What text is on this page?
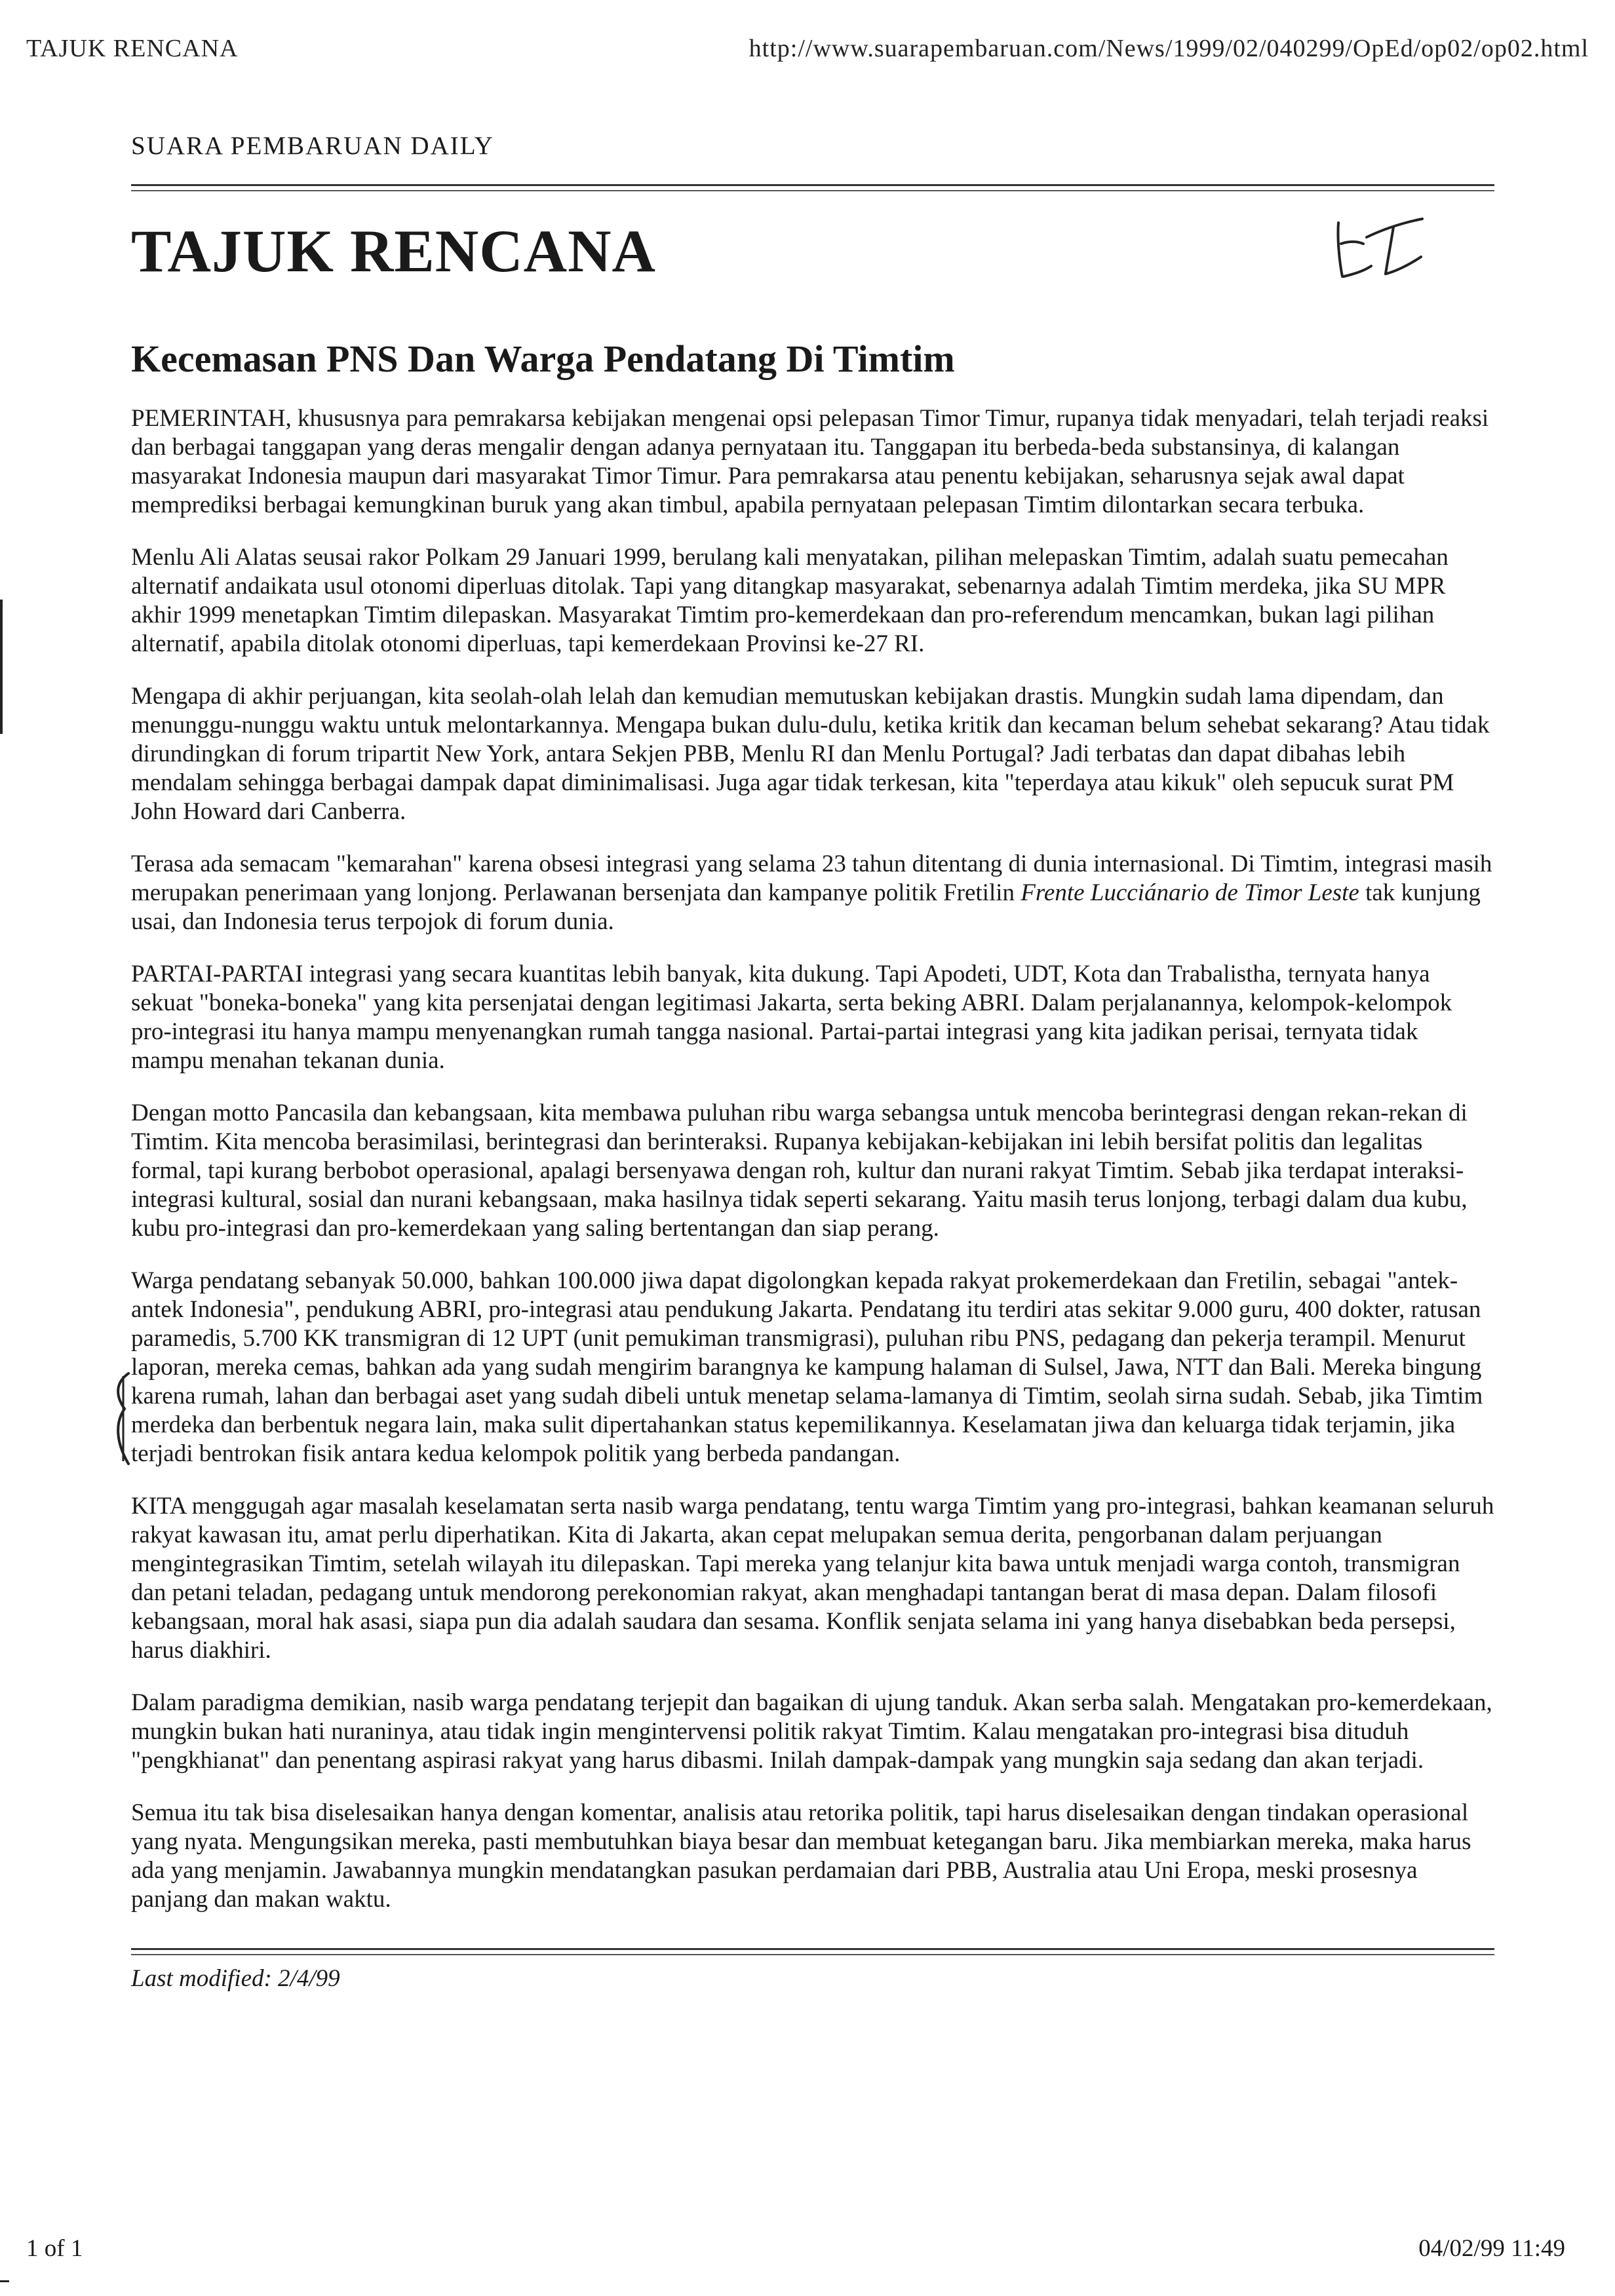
TAJUK RENCANA	http://www.suarapembaruan.com/News/1999/02/040299/OpEd/op02/op02.html
SUARA PEMBARUAN DAILY
TAJUK RENCANA
Kecemasan PNS Dan Warga Pendatang Di Timtim

PEMERINTAH, khususnya para pemrakarsa kebijakan mengenai opsi pelepasan Timor Timur, rupanya tidak menyadari, telah terjadi reaksi dan berbagai tanggapan yang deras mengalir dengan adanya pernyataan itu. Tanggapan itu berbeda-beda substansinya, di kalangan masyarakat Indonesia maupun dari masyarakat Timor Timur. Para pemrakarsa atau penentu kebijakan, seharusnya sejak awal dapat memprediksi berbagai kemungkinan buruk yang akan timbul, apabila pernyataan pelepasan Timtim dilontarkan secara terbuka.

Menlu Ali Alatas seusai rakor Polkam 29 Januari 1999, berulang kali menyatakan, pilihan melepaskan Timtim, adalah suatu pemecahan alternatif andaikata usul otonomi diperluas ditolak. Tapi yang ditangkap masyarakat, sebenarnya adalah Timtim merdeka, jika SU MPR akhir 1999 menetapkan Timtim dilepaskan. Masyarakat Timtim pro-kemerdekaan dan pro-referendum mencamkan, bukan lagi pilihan alternatif, apabila ditolak otonomi diperluas, tapi kemerdekaan Provinsi ke-27 RI.

Mengapa di akhir perjuangan, kita seolah-olah lelah dan kemudian memutuskan kebijakan drastis. Mungkin sudah lama dipendam, dan menunggu-nunggu waktu untuk melontarkannya. Mengapa bukan dulu-dulu, ketika kritik dan kecaman belum sehebat sekarang? Atau tidak dirundingkan di forum tripartit New York, antara Sekjen PBB, Menlu RI dan Menlu Portugal? Jadi terbatas dan dapat dibahas lebih mendalam sehingga berbagai dampak dapat diminimalisasi. Juga agar tidak terkesan, kita "teperdaya atau kikuk" oleh sepucuk surat PM John Howard dari Canberra.

Terasa ada semacam "kemarahan" karena obsesi integrasi yang selama 23 tahun ditentang di dunia internasional. Di Timtim, integrasi masih merupakan penerimaan yang lonjong. Perlawanan bersenjata dan kampanye politik Fretilin Frente Lucciánario de Timor Leste tak kunjung usai, dan Indonesia terus terpojok di forum dunia.

PARTAI-PARTAI integrasi yang secara kuantitas lebih banyak, kita dukung. Tapi Apodeti, UDT, Kota dan Trabalistha, ternyata hanya sekuat "boneka-boneka" yang kita persenjatai dengan legitimasi Jakarta, serta beking ABRI. Dalam perjalanannya, kelompok-kelompok pro-integrasi itu hanya mampu menyenangkan rumah tangga nasional. Partai-partai integrasi yang kita jadikan perisai, ternyata tidak mampu menahan tekanan dunia.

Dengan motto Pancasila dan kebangsaan, kita membawa puluhan ribu warga sebangsa untuk mencoba berintegrasi dengan rekan-rekan di Timtim. Kita mencoba berasimilasi, berintegrasi dan berinteraksi. Rupanya kebijakan-kebijakan ini lebih bersifat politis dan legalitas formal, tapi kurang berbobot operasional, apalagi bersenyawa dengan roh, kultur dan nurani rakyat Timtim. Sebab jika terdapat interaksi-integrasi kultural, sosial dan nurani kebangsaan, maka hasilnya tidak seperti sekarang. Yaitu masih terus lonjong, terbagi dalam dua kubu, kubu pro-integrasi dan pro-kemerdekaan yang saling bertentangan dan siap perang.

Warga pendatang sebanyak 50.000, bahkan 100.000 jiwa dapat digolongkan kepada rakyat prokemerdekaan dan Fretilin, sebagai "antek-antek Indonesia", pendukung ABRI, pro-integrasi atau pendukung Jakarta. Pendatang itu terdiri atas sekitar 9.000 guru, 400 dokter, ratusan paramedis, 5.700 KK transmigran di 12 UPT (unit pemukiman transmigrasi), puluhan ribu PNS, pedagang dan pekerja terampil. Menurut laporan, mereka cemas, bahkan ada yang sudah mengirim barangnya ke kampung halaman di Sulsel, Jawa, NTT dan Bali. Mereka bingung karena rumah, lahan dan berbagai aset yang sudah dibeli untuk menetap selama-lamanya di Timtim, seolah sirna sudah. Sebab, jika Timtim merdeka dan berbentuk negara lain, maka sulit dipertahankan status kepemilikannya. Keselamatan jiwa dan keluarga tidak terjamin, jika terjadi bentrokan fisik antara kedua kelompok politik yang berbeda pandangan.

KITA menggugah agar masalah keselamatan serta nasib warga pendatang, tentu warga Timtim yang pro-integrasi, bahkan keamanan seluruh rakyat kawasan itu, amat perlu diperhatikan. Kita di Jakarta, akan cepat melupakan semua derita, pengorbanan dalam perjuangan mengintegrasikan Timtim, setelah wilayah itu dilepaskan. Tapi mereka yang telanjur kita bawa untuk menjadi warga contoh, transmigran dan petani teladan, pedagang untuk mendorong perekonomian rakyat, akan menghadapi tantangan berat di masa depan. Dalam filosofi kebangsaan, moral hak asasi, siapa pun dia adalah saudara dan sesama. Konflik senjata selama ini yang hanya disebabkan beda persepsi, harus diakhiri.

Dalam paradigma demikian, nasib warga pendatang terjepit dan bagaikan di ujung tanduk. Akan serba salah. Mengatakan pro-kemerdekaan, mungkin bukan hati nuraninya, atau tidak ingin mengintervensi politik rakyat Timtim. Kalau mengatakan pro-integrasi bisa dituduh "pengkhianat" dan penentang aspirasi rakyat yang harus dibasmi. Inilah dampak-dampak yang mungkin saja sedang dan akan terjadi.

Semua itu tak bisa diselesaikan hanya dengan komentar, analisis atau retorika politik, tapi harus diselesaikan dengan tindakan operasional yang nyata. Mengungsikan mereka, pasti membutuhkan biaya besar dan membuat ketegangan baru. Jika membiarkan mereka, maka harus ada yang menjamin. Jawabannya mungkin mendatangkan pasukan perdamaian dari PBB, Australia atau Uni Eropa, meski prosesnya panjang dan makan waktu.

Last modified: 2/4/99
1 of 1	04/02/99 11:49
